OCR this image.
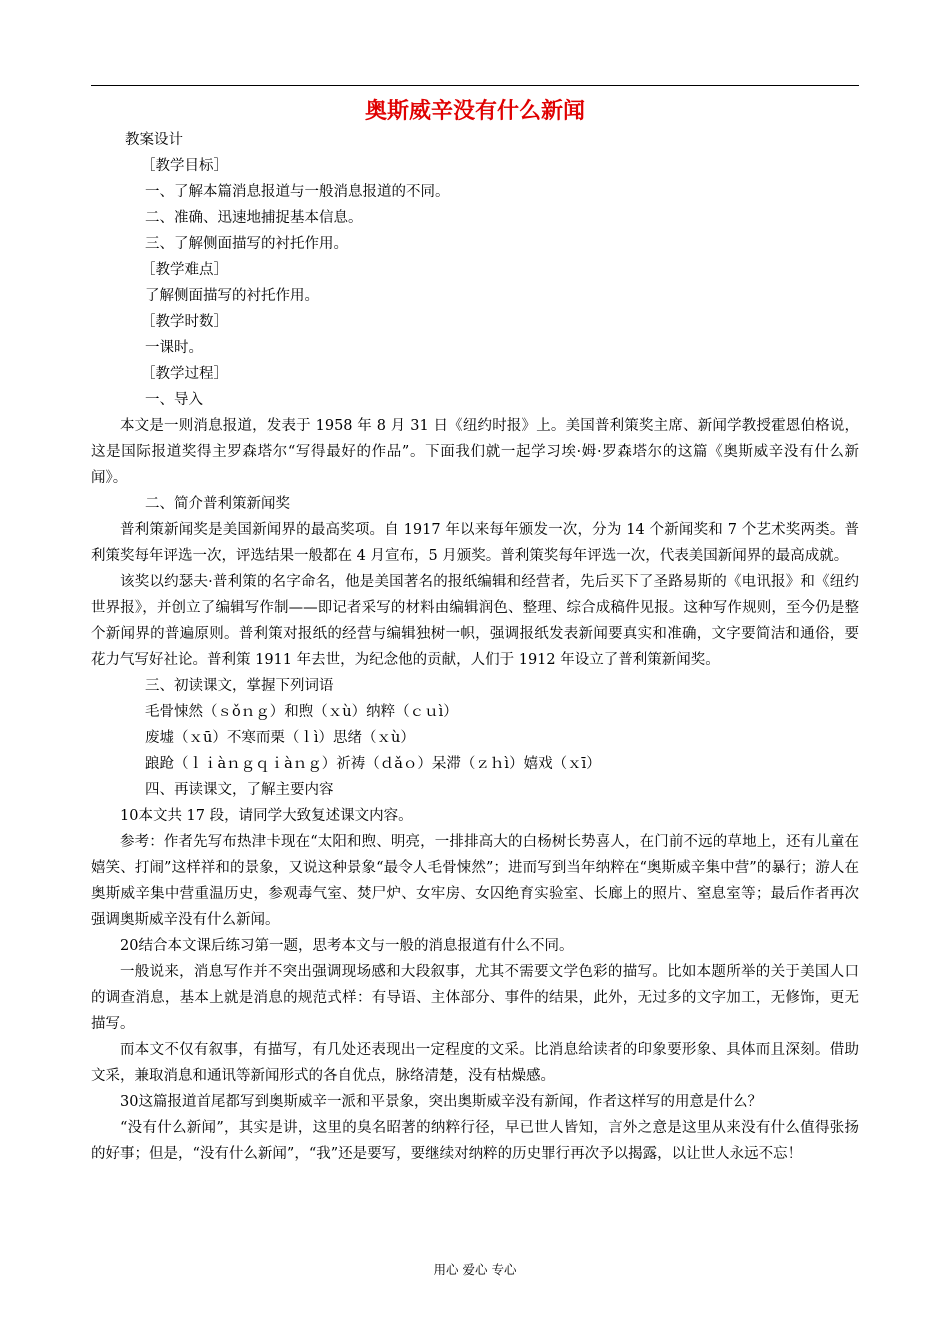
奥斯威辛没有什么新闻

教案设计

［教学目标］

一、了解本篇消息报道与一般消息报道的不同。

二、准确、迅速地捕捉基本信息。

三、了解侧面描写的衬托作用。

［教学难点］

了解侧面描写的衬托作用。

［教学时数］

一课时。

［教学过程］

一、导入

本文是一则消息报道，发表于 1958 年 8 月 31 日《纽约时报》上。美国普利策奖主席、新闻学教授霍恩伯格说，这是国际报道奖得主罗森塔尔“写得最好的作品”。下面我们就一起学习埃·姆·罗森塔尔的这篇《奥斯威辛没有什么新闻》。

二、简介普利策新闻奖

普利策新闻奖是美国新闻界的最高奖项。自 1917 年以来每年颁发一次，分为 14 个新闻奖和 7 个艺术奖两类。普利策奖每年评选一次，评选结果一般都在 4 月宣布，5 月颁奖。普利策奖每年评选一次，代表美国新闻界的最高成就。

该奖以约瑟夫·普利策的名字命名，他是美国著名的报纸编辑和经营者，先后买下了圣路易斯的《电讯报》和《纽约世界报》，并创立了编辑写作制——即记者采写的材料由编辑润色、整理、综合成稿件见报。这种写作规则，至今仍是整个新闻界的普遍原则。普利策对报纸的经营与编辑独树一帜，强调报纸发表新闻要真实和准确，文字要简洁和通俗，要花力气写好社论。普利策 1911 年去世，为纪念他的贡献，人们于 1912 年设立了普利策新闻奖。

三、初读课文，掌握下列词语

毛骨悚然（ｓǒｎｇ）和煦（ｘù）纳粹（ｃｕì）

废墟（ｘū）不寒而栗（ｌì）思绪（ｘù）

踉跄（ｌｉàｎｇｑｉàｎｇ）祈祷（ｄǎｏ）呆滞（ｚｈì）嬉戏（ｘī）

四、再读课文，了解主要内容

10本文共 17 段，请同学大致复述课文内容。

参考：作者先写布热津卡现在“太阳和煦、明亮，一排排高大的白杨树长势喜人，在门前不远的草地上，还有儿童在嬉笑、打闹”这样祥和的景象，又说这种景象“最令人毛骨悚然”；进而写到当年纳粹在“奥斯威辛集中营”的暴行；游人在奥斯威辛集中营重温历史，参观毒气室、焚尸炉、女牢房、女囚绝育实验室、长廊上的照片、窒息室等；最后作者再次强调奥斯威辛没有什么新闻。

20结合本文课后练习第一题，思考本文与一般的消息报道有什么不同。

一般说来，消息写作并不突出强调现场感和大段叙事，尤其不需要文学色彩的描写。比如本题所举的关于美国人口的调查消息，基本上就是消息的规范式样：有导语、主体部分、事件的结果，此外，无过多的文字加工，无修饰，更无描写。

而本文不仅有叙事，有描写，有几处还表现出一定程度的文采。比消息给读者的印象要形象、具体而且深刻。借助文采，兼取消息和通讯等新闻形式的各自优点，脉络清楚，没有枯燥感。

30这篇报道首尾都写到奥斯威辛一派和平景象，突出奥斯威辛没有新闻，作者这样写的用意是什么？

“没有什么新闻”，其实是讲，这里的臭名昭著的纳粹行径，早已世人皆知，言外之意是这里从来没有什么值得张扬的好事；但是，“没有什么新闻”，“我”还是要写，要继续对纳粹的历史罪行再次予以揭露，以让世人永远不忘！

用心 爱心 专心
